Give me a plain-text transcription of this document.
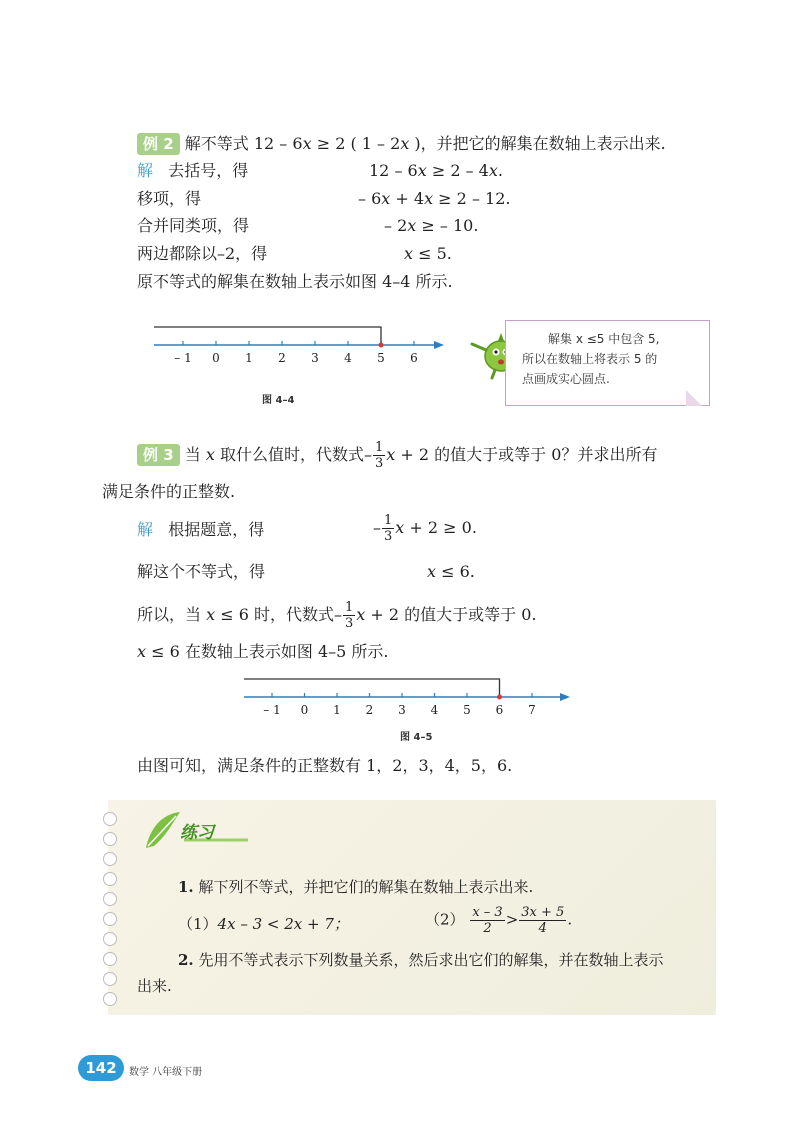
例 2 解不等式 12 – 6x ≥ 2 ( 1 – 2x )，并把它的解集在数轴上表示出来.
解 去括号，得	12 – 6x ≥ 2 – 4x.
移项，得	– 6x + 4x ≥ 2 – 12.
合并同类项，得	– 2x ≥ – 10.
两边都除以–2，得	x ≤ 5.
原不等式的解集在数轴上表示如图 4–4 所示.
– 1 0 1 2 3 4 5 6
图 4–4
解集 x ≤5 中包含 5,
所以在数轴上将表示 5 的
点画成实心圆点.
例 3 当 x 取什么值时，代数式– $\frac{1}{3}$ x + 2 的值大于或等于 0？并求出所有
满足条件的正整数.
解 根据题意，得	– $\frac{1}{3}$ x + 2 ≥ 0.
解这个不等式，得	x ≤ 6.
所以，当 x ≤ 6 时，代数式– $\frac{1}{3}$ x + 2 的值大于或等于 0.
x ≤ 6 在数轴上表示如图 4–5 所示.
– 1 0 1 2 3 4 5 6 7
图 4–5
由图可知，满足条件的正整数有 1，2，3，4，5，6.
练习
1. 解下列不等式，并把它们的解集在数轴上表示出来.
（1）4x – 3 < 2x + 7；	$(2) \frac{x - 3}{2} > \frac{3x + 5}{4}$ .
2. 先用不等式表示下列数量关系，然后求出它们的解集，并在数轴上表示
出来.
142	数学 八年级下册
